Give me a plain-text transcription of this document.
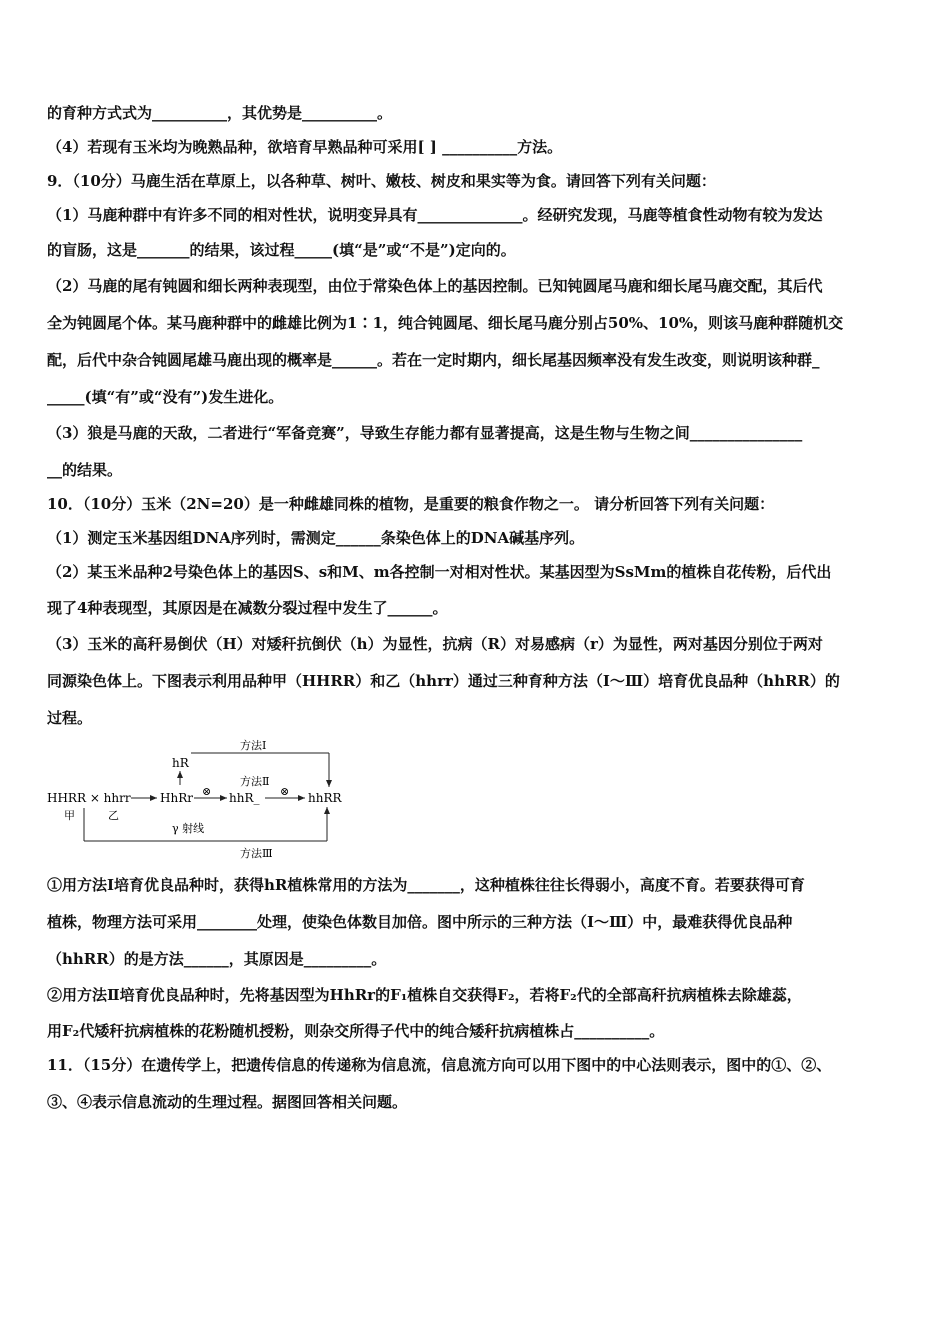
的育种方式式为__________，其优势是__________。
（4）若现有玉米均为晚熟品种，欲培育早熟品种可采用[ ] __________方法。
9．（10分）马鹿生活在草原上，以各种草、树叶、嫩枝、树皮和果实等为食。请回答下列有关问题：
（1）马鹿种群中有许多不同的相对性状，说明变异具有______________。经研究发现，马鹿等植食性动物有较为发达
的盲肠，这是_______的结果，该过程_____(填“是”或“不是”)定向的。
（2）马鹿的尾有钝圆和细长两种表现型，由位于常染色体上的基因控制。已知钝圆尾马鹿和细长尾马鹿交配，其后代
全为钝圆尾个体。某马鹿种群中的雌雄比例为1∶1，纯合钝圆尾、细长尾马鹿分别占50%、10%，则该马鹿种群随机交
配，后代中杂合钝圆尾雄马鹿出现的概率是______。若在一定时期内，细长尾基因频率没有发生改变，则说明该种群_
_____(填“有”或“没有”)发生进化。
（3）狼是马鹿的天敌，二者进行“军备竞赛”，导致生存能力都有显著提高，这是生物与生物之间_______________
__的结果。
10．（10分）玉米（2N=20）是一种雌雄同株的植物，是重要的粮食作物之一。 请分析回答下列有关问题：
（1）测定玉米基因组DNA序列时，需测定______条染色体上的DNA碱基序列。
（2）某玉米品种2号染色体上的基因S、s和M、m各控制一对相对性状。某基因型为SsMm的植株自花传粉，后代出
现了4种表现型，其原因是在减数分裂过程中发生了______。
（3）玉米的高秆易倒伏（H）对矮秆抗倒伏（h）为显性，抗病（R）对易感病（r）为显性，两对基因分别位于两对
同源染色体上。下图表示利用品种甲（HHRR）和乙（hhrr）通过三种育种方法（Ⅰ～Ⅲ）培育优良品种（hhRR）的
过程。
方法Ⅰ
hR
方法Ⅱ
⊗	⊗
HHRR × hhrr HhRr	hhR_	hhRR
甲	乙
γ 射线
方法Ⅲ
①用方法Ⅰ培育优良品种时，获得hR植株常用的方法为_______，这种植株往往长得弱小，高度不育。若要获得可育
植株，物理方法可采用________处理，使染色体数目加倍。图中所示的三种方法（Ⅰ～Ⅲ）中，最难获得优良品种
（hhRR）的是方法______，其原因是_________。
②用方法Ⅱ培育优良品种时，先将基因型为HhRr的F₁植株自交获得F₂，若将F₂代的全部高秆抗病植株去除雄蕊，
用F₂代矮秆抗病植株的花粉随机授粉，则杂交所得子代中的纯合矮秆抗病植株占__________。
11．（15分）在遗传学上，把遗传信息的传递称为信息流，信息流方向可以用下图中的中心法则表示，图中的①、②、
③、④表示信息流动的生理过程。据图回答相关问题。
